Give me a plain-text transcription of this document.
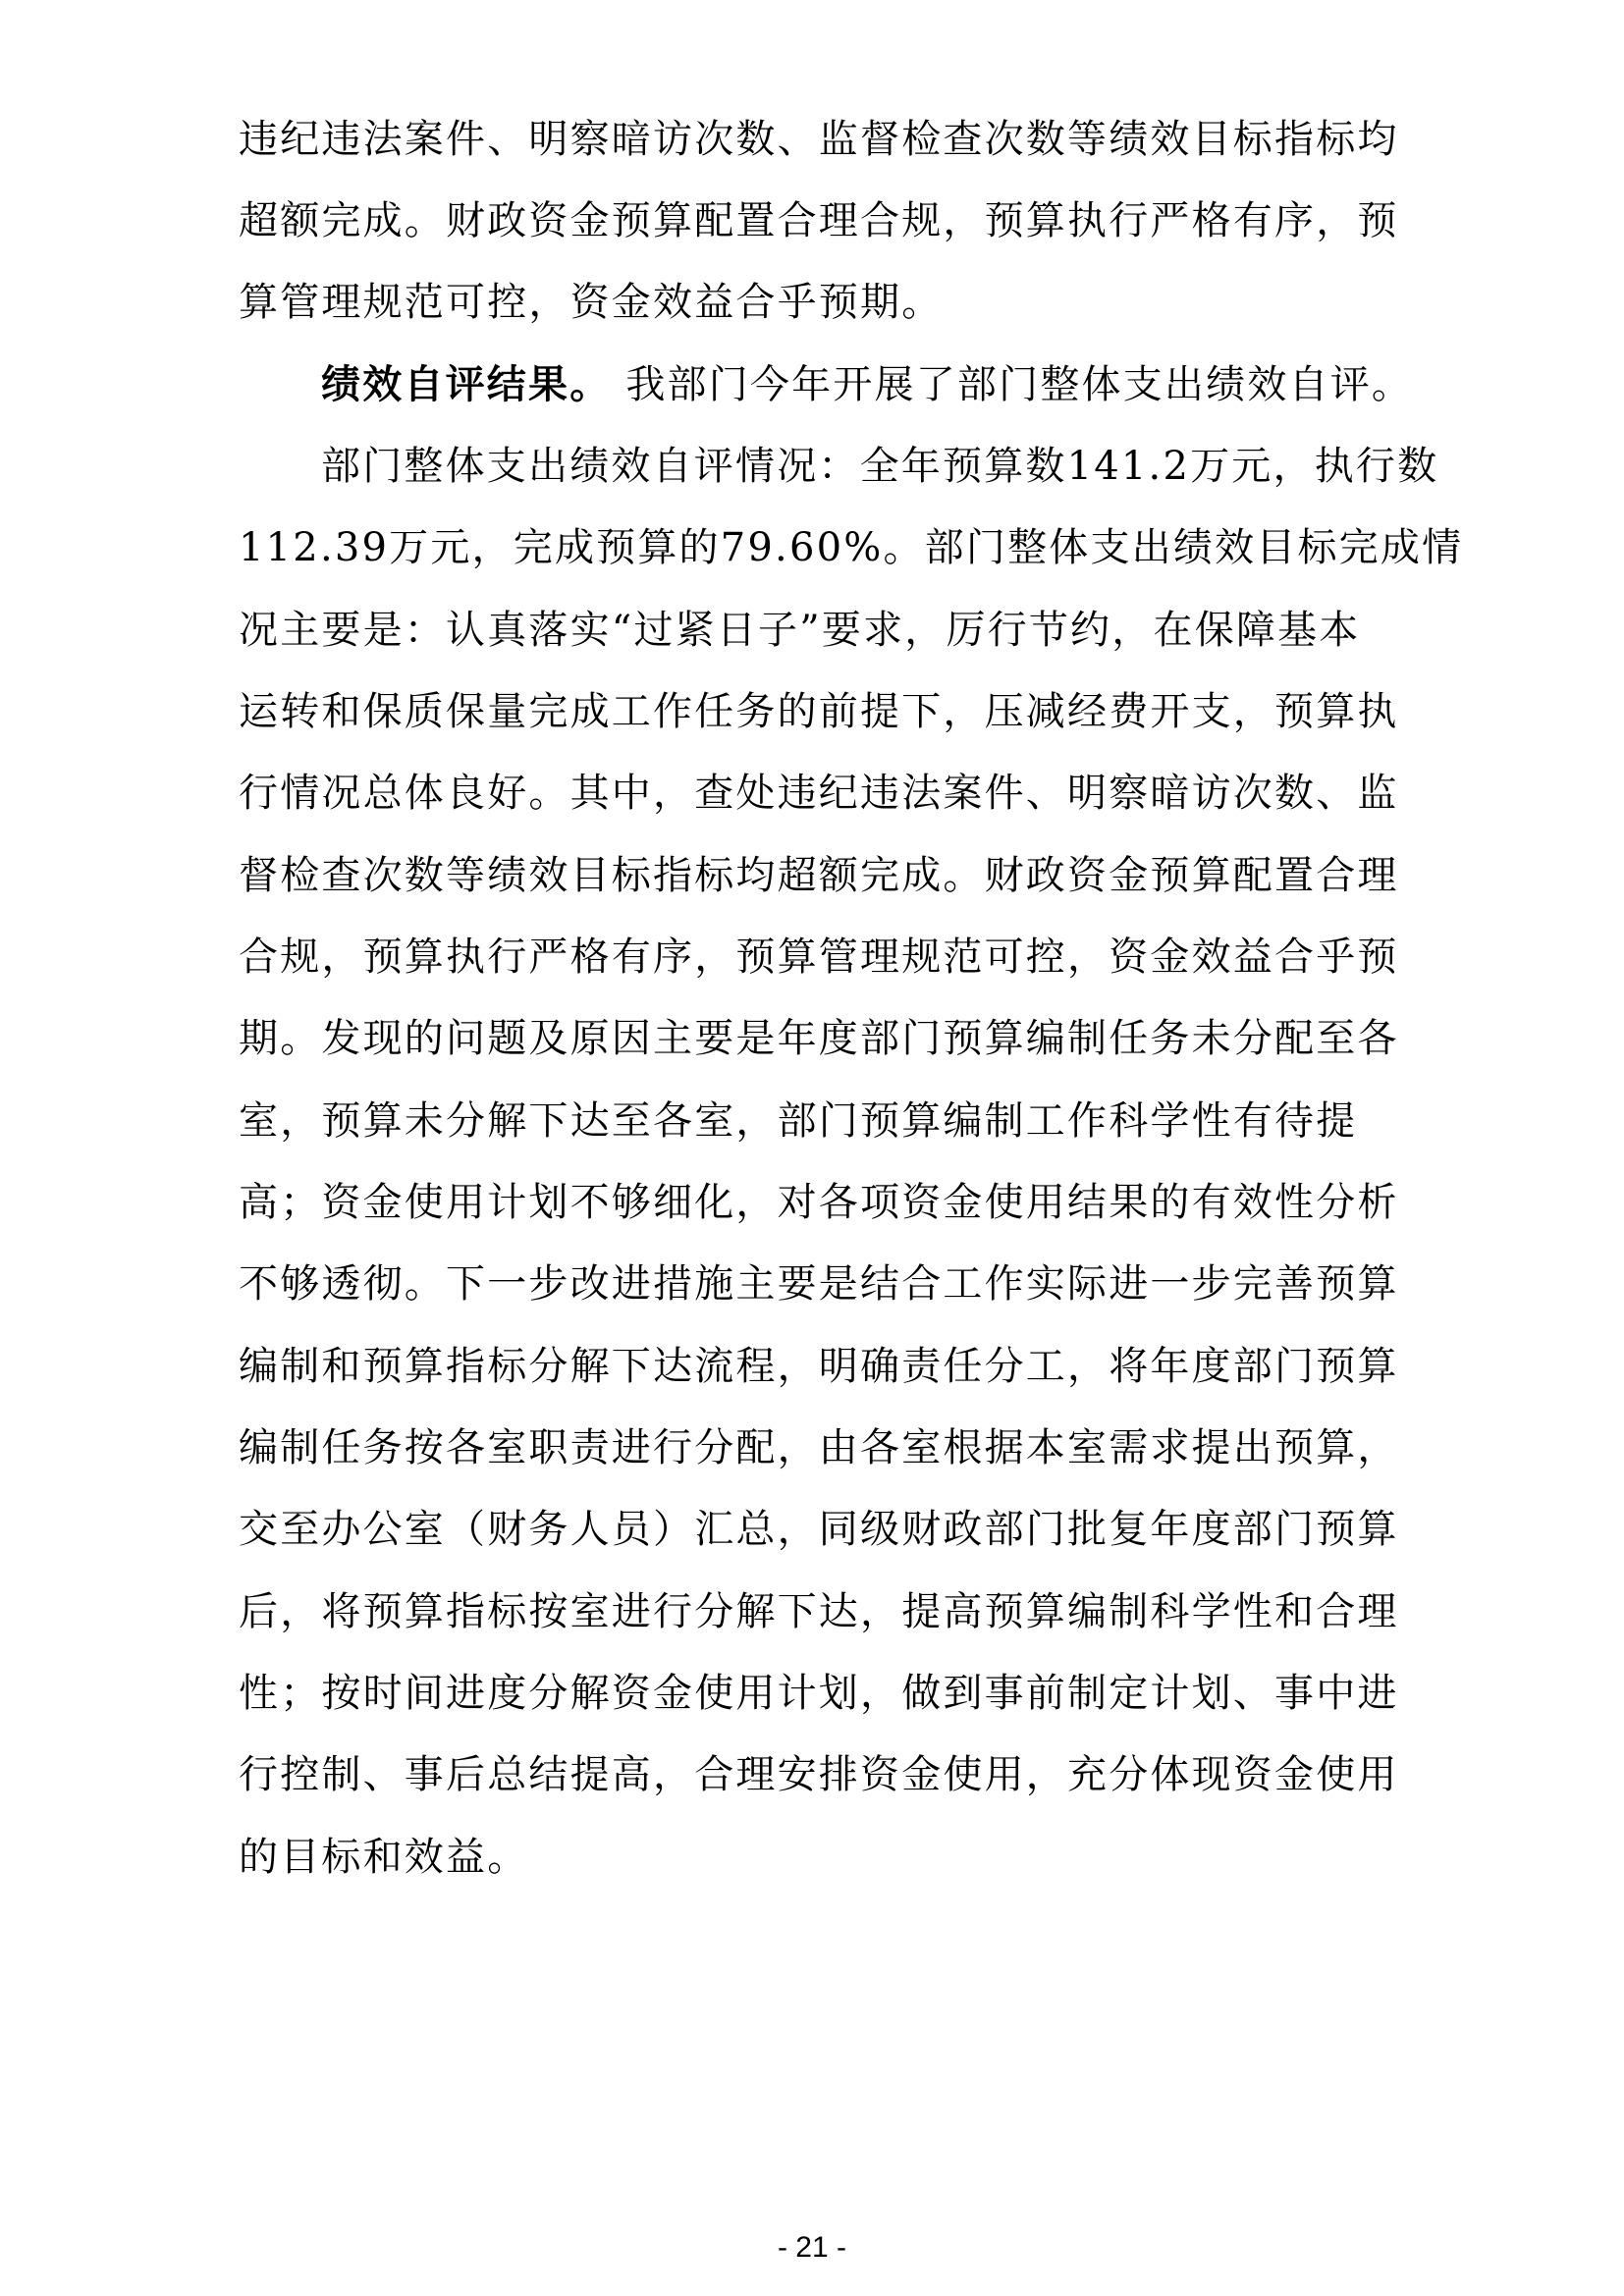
违纪违法案件、明察暗访次数、监督检查次数等绩效目标指标均
超额完成。财政资金预算配置合理合规，预算执行严格有序，预
算管理规范可控，资金效益合乎预期。
绩效自评结果。 我部门今年开展了部门整体支出绩效自评。
部门整体支出绩效自评情况：全年预算数141.2万元，执行数
112.39万元，完成预算的79.60%。部门整体支出绩效目标完成情
况主要是：认真落实“过紧日子”要求，厉行节约，在保障基本
运转和保质保量完成工作任务的前提下，压减经费开支，预算执
行情况总体良好。其中，查处违纪违法案件、明察暗访次数、监
督检查次数等绩效目标指标均超额完成。财政资金预算配置合理
合规，预算执行严格有序，预算管理规范可控，资金效益合乎预
期。发现的问题及原因主要是年度部门预算编制任务未分配至各
室，预算未分解下达至各室，部门预算编制工作科学性有待提
高；资金使用计划不够细化，对各项资金使用结果的有效性分析
不够透彻。下一步改进措施主要是结合工作实际进一步完善预算
编制和预算指标分解下达流程，明确责任分工，将年度部门预算
编制任务按各室职责进行分配，由各室根据本室需求提出预算，
交至办公室（财务人员）汇总，同级财政部门批复年度部门预算
后，将预算指标按室进行分解下达，提高预算编制科学性和合理
性；按时间进度分解资金使用计划，做到事前制定计划、事中进
行控制、事后总结提高，合理安排资金使用，充分体现资金使用
的目标和效益。
- 21 -
